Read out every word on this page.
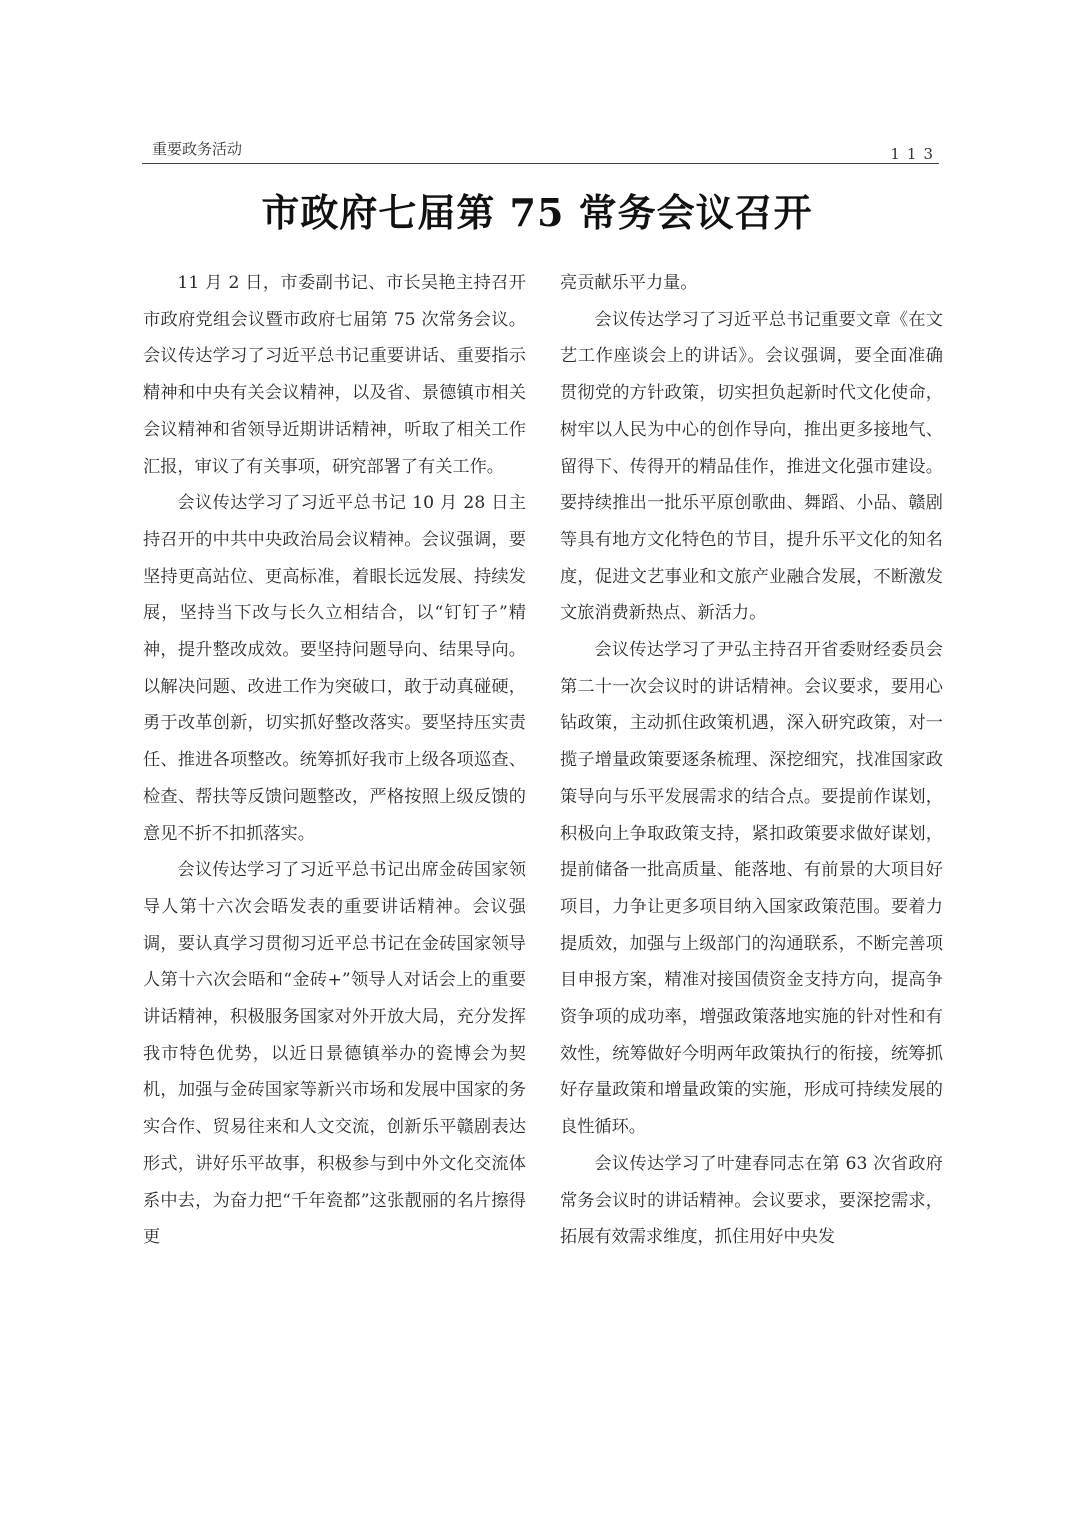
重要政务活动	113
市政府七届第 75 常务会议召开

11 月 2 日，市委副书记、市长吴艳主持召开市政府党组会议暨市政府七届第 75 次常务会议。会议传达学习了习近平总书记重要讲话、重要指示精神和中央有关会议精神，以及省、景德镇市相关会议精神和省领导近期讲话精神，听取了相关工作汇报，审议了有关事项，研究部署了有关工作。

会议传达学习了习近平总书记 10 月 28 日主持召开的中共中央政治局会议精神。会议强调，要坚持更高站位、更高标准，着眼长远发展、持续发展，坚持当下改与长久立相结合，以“钉钉子”精神，提升整改成效。要坚持问题导向、结果导向。以解决问题、改进工作为突破口，敢于动真碰硬，勇于改革创新，切实抓好整改落实。要坚持压实责任、推进各项整改。统筹抓好我市上级各项巡查、检查、帮扶等反馈问题整改，严格按照上级反馈的意见不折不扣抓落实。

会议传达学习了习近平总书记出席金砖国家领导人第十六次会晤发表的重要讲话精神。会议强调，要认真学习贯彻习近平总书记在金砖国家领导人第十六次会晤和“金砖+”领导人对话会上的重要讲话精神，积极服务国家对外开放大局，充分发挥我市特色优势，以近日景德镇举办的瓷博会为契机，加强与金砖国家等新兴市场和发展中国家的务实合作、贸易往来和人文交流，创新乐平赣剧表达形式，讲好乐平故事，积极参与到中外文化交流体系中去，为奋力把“千年瓷都”这张靓丽的名片擦得更

亮贡献乐平力量。

会议传达学习了习近平总书记重要文章《在文艺工作座谈会上的讲话》。会议强调，要全面准确贯彻党的方针政策，切实担负起新时代文化使命，树牢以人民为中心的创作导向，推出更多接地气、留得下、传得开的精品佳作，推进文化强市建设。要持续推出一批乐平原创歌曲、舞蹈、小品、赣剧等具有地方文化特色的节目，提升乐平文化的知名度，促进文艺事业和文旅产业融合发展，不断激发文旅消费新热点、新活力。

会议传达学习了尹弘主持召开省委财经委员会第二十一次会议时的讲话精神。会议要求，要用心钻政策，主动抓住政策机遇，深入研究政策，对一揽子增量政策要逐条梳理、深挖细究，找准国家政策导向与乐平发展需求的结合点。要提前作谋划，积极向上争取政策支持，紧扣政策要求做好谋划，提前储备一批高质量、能落地、有前景的大项目好项目，力争让更多项目纳入国家政策范围。要着力提质效，加强与上级部门的沟通联系，不断完善项目申报方案，精准对接国债资金支持方向，提高争资争项的成功率，增强政策落地实施的针对性和有效性，统筹做好今明两年政策执行的衔接，统筹抓好存量政策和增量政策的实施，形成可持续发展的良性循环。

会议传达学习了叶建春同志在第 63 次省政府常务会议时的讲话精神。会议要求，要深挖需求，拓展有效需求维度，抓住用好中央发
